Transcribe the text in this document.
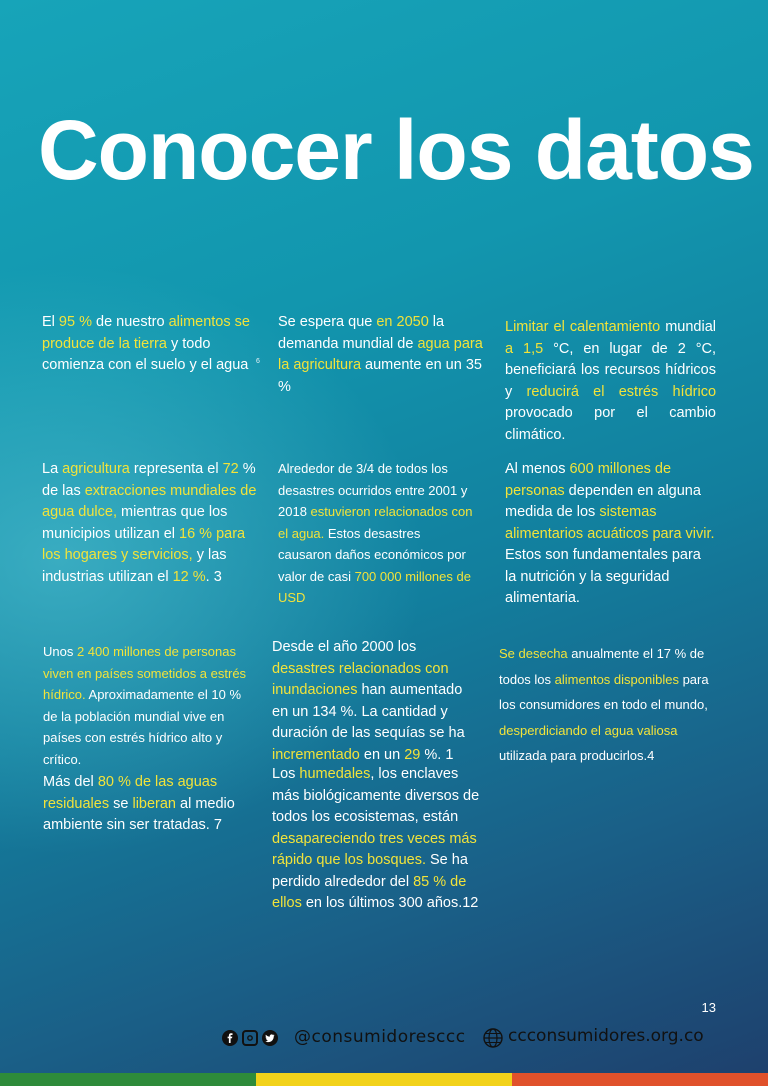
Conocer los datos
El 95 % de nuestro alimentos se produce de la tierra y todo comienza con el suelo y el agua	6
Se espera que en 2050 la demanda mundial de agua para la agricultura aumente en un 35 %
Limitar el calentamiento mundial a 1,5 °C, en lugar de 2 °C, beneficiará los recursos hídricos y reducirá el estrés hídrico provocado por el cambio climático.
La agricultura representa el 72 % de las extracciones mundiales de agua dulce, mientras que los municipios utilizan el 16 % para los hogares y servicios, y las industrias utilizan el 12 %. 3
Alrededor de 3/4 de todos los desastres ocurridos entre 2001 y 2018 estuvieron relacionados con el agua. Estos desastres causaron daños económicos por valor de casi 700 000 millones de USD
Al menos 600 millones de personas dependen en alguna medida de los sistemas alimentarios acuáticos para vivir. Estos son fundamentales para la nutrición y la seguridad alimentaria.
Unos 2 400 millones de personas viven en países sometidos a estrés hídrico. Aproximadamente el 10 % de la población mundial vive en países con estrés hídrico alto y crítico.
Más del 80 % de las aguas residuales se liberan al medio ambiente sin ser tratadas. 7
Desde el año 2000 los desastres relacionados con inundaciones han aumentado en un 134 %. La cantidad y duración de las sequías se ha incrementado en un 29 %. 1
Los humedales, los enclaves más biológicamente diversos de todos los ecosistemas, están desapareciendo tres veces más rápido que los bosques. Se ha perdido alrededor del 85 % de ellos en los últimos 300 años.12
Se desecha anualmente el 17 % de todos los alimentos disponibles para los consumidores en todo el mundo, desperdiciando el agua valiosa utilizada para producirlos.4
13
@consumidoresccc ccconsumidores.org.co
